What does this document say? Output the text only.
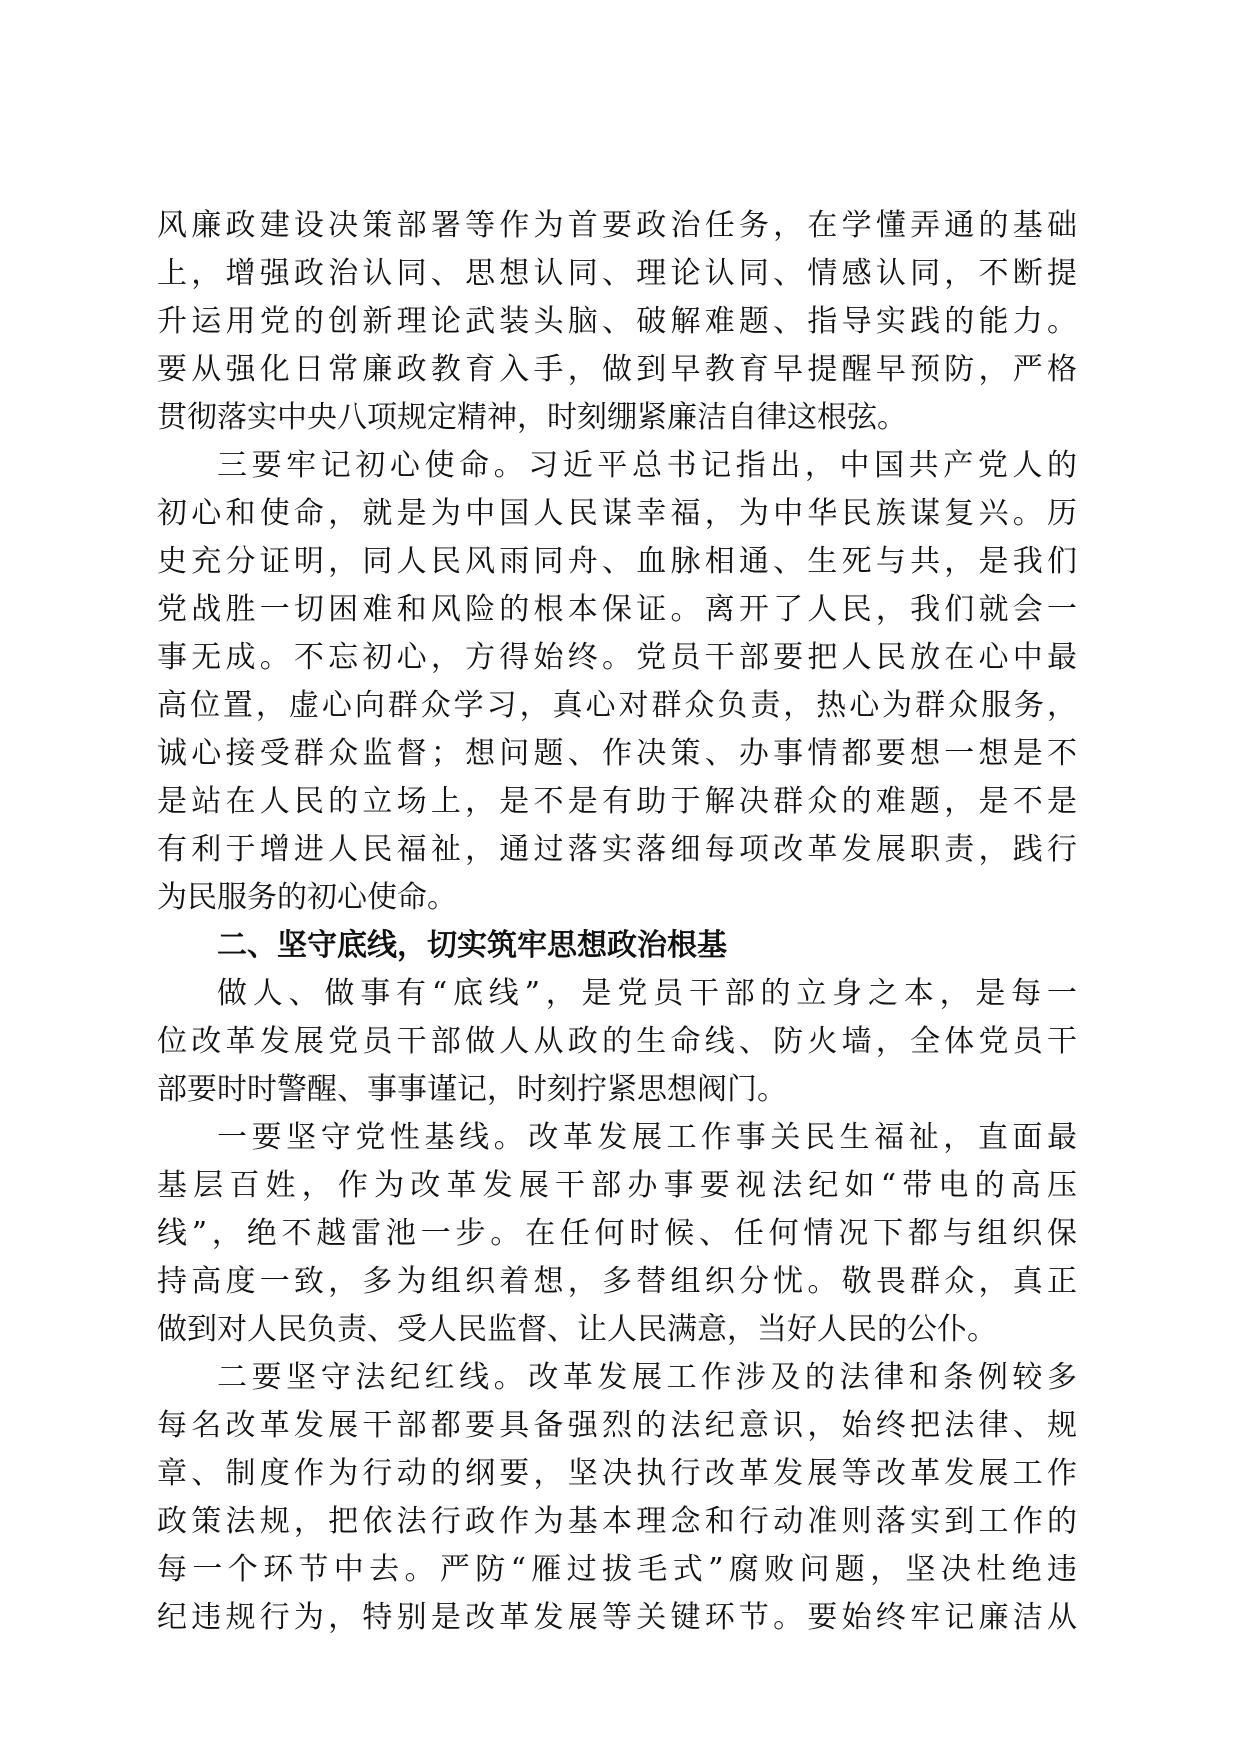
风廉政建设决策部署等作为首要政治任务，在学懂弄通的基础
上，增强政治认同、思想认同、理论认同、情感认同，不断提
升运用党的创新理论武装头脑、破解难题、指导实践的能力。
要从强化日常廉政教育入手，做到早教育早提醒早预防，严格
贯彻落实中央八项规定精神，时刻绷紧廉洁自律这根弦。
三要牢记初心使命。习近平总书记指出，中国共产党人的
初心和使命，就是为中国人民谋幸福，为中华民族谋复兴。历
史充分证明，同人民风雨同舟、血脉相通、生死与共，是我们
党战胜一切困难和风险的根本保证。离开了人民，我们就会一
事无成。不忘初心，方得始终。党员干部要把人民放在心中最
高位置，虚心向群众学习，真心对群众负责，热心为群众服务，
诚心接受群众监督；想问题、作决策、办事情都要想一想是不
是站在人民的立场上，是不是有助于解决群众的难题，是不是
有利于增进人民福祉，通过落实落细每项改革发展职责，践行
为民服务的初心使命。
二、坚守底线，切实筑牢思想政治根基
做人、做事有“底线”，是党员干部的立身之本，是每一
位改革发展党员干部做人从政的生命线、防火墙，全体党员干
部要时时警醒、事事谨记，时刻拧紧思想阀门。
一要坚守党性基线。改革发展工作事关民生福祉，直面最
基层百姓，作为改革发展干部办事要视法纪如“带电的高压
线”，绝不越雷池一步。在任何时候、任何情况下都与组织保
持高度一致，多为组织着想，多替组织分忧。敬畏群众，真正
做到对人民负责、受人民监督、让人民满意，当好人民的公仆。
二要坚守法纪红线。改革发展工作涉及的法律和条例较多
每名改革发展干部都要具备强烈的法纪意识，始终把法律、规
章、制度作为行动的纲要，坚决执行改革发展等改革发展工作
政策法规，把依法行政作为基本理念和行动准则落实到工作的
每一个环节中去。严防“雁过拔毛式”腐败问题，坚决杜绝违
纪违规行为，特别是改革发展等关键环节。要始终牢记廉洁从
